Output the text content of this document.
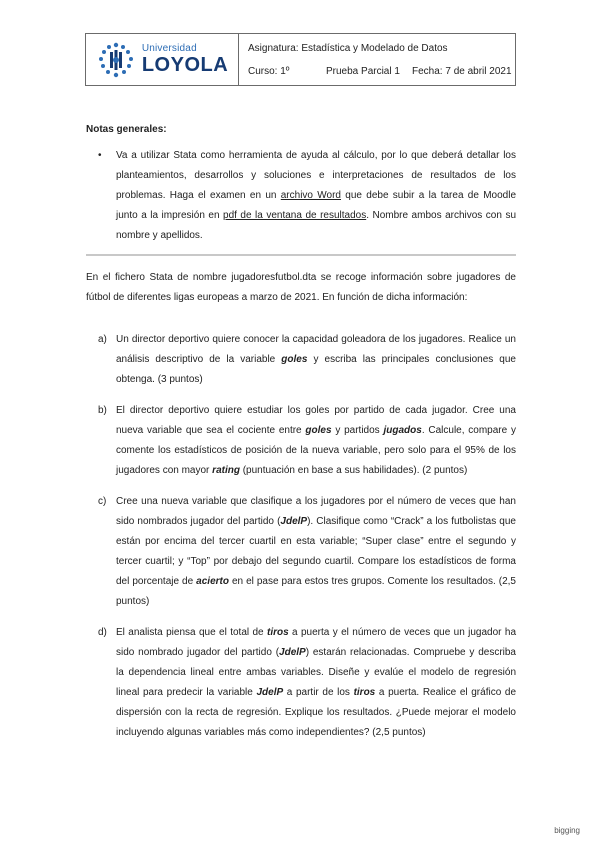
Universidad
LOYOLA
Asignatura: Estadística y Modelado de Datos
Curso: 1º	Prueba Parcial 1	Fecha: 7 de abril 2021
Notas generales:
• Va a utilizar Stata como herramienta de ayuda al cálculo, por lo que deberá detallar los planteamientos, desarrollos y soluciones e interpretaciones de resultados de los problemas. Haga el examen en un archivo Word que debe subir a la tarea de Moodle junto a la impresión en pdf de la ventana de resultados. Nombre ambos archivos con su nombre y apellidos.
En el fichero Stata de nombre jugadoresfutbol.dta se recoge información sobre jugadores de fútbol de diferentes ligas europeas a marzo de 2021. En función de dicha información:
a) Un director deportivo quiere conocer la capacidad goleadora de los jugadores. Realice un análisis descriptivo de la variable goles y escriba las principales conclusiones que obtenga. (3 puntos)
b) El director deportivo quiere estudiar los goles por partido de cada jugador. Cree una nueva variable que sea el cociente entre goles y partidos jugados. Calcule, compare y comente los estadísticos de posición de la nueva variable, pero solo para el 95% de los jugadores con mayor rating (puntuación en base a sus habilidades). (2 puntos)
c) Cree una nueva variable que clasifique a los jugadores por el número de veces que han sido nombrados jugador del partido (JdelP). Clasifique como “Crack” a los futbolistas que están por encima del tercer cuartil en esta variable; “Super clase” entre el segundo y tercer cuartil; y “Top” por debajo del segundo cuartil. Compare los estadísticos de forma del porcentaje de acierto en el pase para estos tres grupos. Comente los resultados. (2,5 puntos)
d) El analista piensa que el total de tiros a puerta y el número de veces que un jugador ha sido nombrado jugador del partido (JdelP) estarán relacionadas. Compruebe y describa la dependencia lineal entre ambas variables. Diseñe y evalúe el modelo de regresión lineal para predecir la variable JdelP a partir de los tiros a puerta. Realice el gráfico de dispersión con la recta de regresión. Explique los resultados. ¿Puede mejorar el modelo incluyendo algunas variables más como independientes? (2,5 puntos)
bigging
